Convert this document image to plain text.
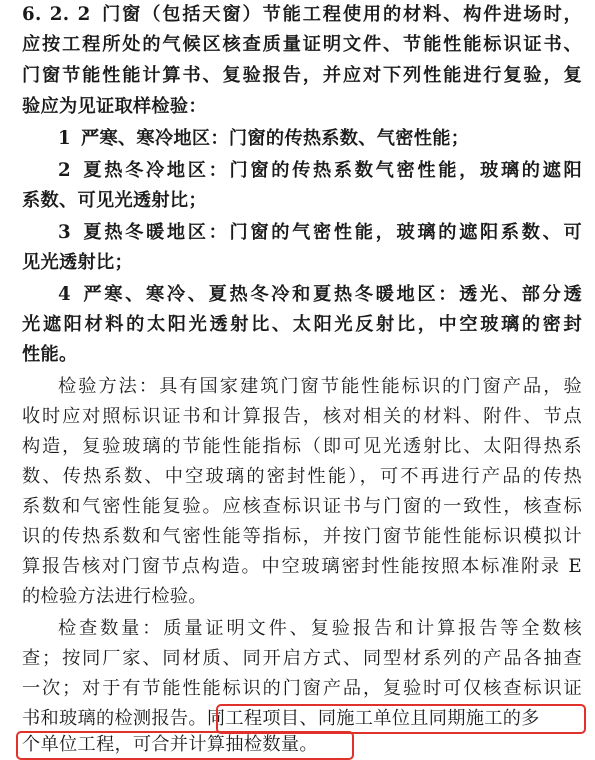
6. 2. 2 门窗（包括天窗）节能工程使用的材料、构件进场时，
应按工程所处的气候区核查质量证明文件、节能性能标识证书、
门窗节能性能计算书、复验报告，并应对下列性能进行复验，复
验应为见证取样检验：
1 严寒、寒冷地区：门窗的传热系数、气密性能；
2 夏热冬冷地区：门窗的传热系数气密性能，玻璃的遮阳
系数、可见光透射比；
3 夏热冬暖地区：门窗的气密性能，玻璃的遮阳系数、可
见光透射比；
4 严寒、寒冷、夏热冬冷和夏热冬暖地区：透光、部分透
光遮阳材料的太阳光透射比、太阳光反射比，中空玻璃的密封
性能。
检验方法：具有国家建筑门窗节能性能标识的门窗产品，验
收时应对照标识证书和计算报告，核对相关的材料、附件、节点
构造，复验玻璃的节能性能指标（即可见光透射比、太阳得热系
数、传热系数、中空玻璃的密封性能），可不再进行产品的传热
系数和气密性能复验。应核查标识证书与门窗的一致性，核查标
识的传热系数和气密性能等指标，并按门窗节能性能标识模拟计
算报告核对门窗节点构造。中空玻璃密封性能按照本标准附录 E
的检验方法进行检验。
检查数量：质量证明文件、复验报告和计算报告等全数核
查；按同厂家、同材质、同开启方式、同型材系列的产品各抽查
一次；对于有节能性能标识的门窗产品，复验时可仅核查标识证
书和玻璃的检测报告。同工程项目、同施工单位且同期施工的多
个单位工程，可合并计算抽检数量。
